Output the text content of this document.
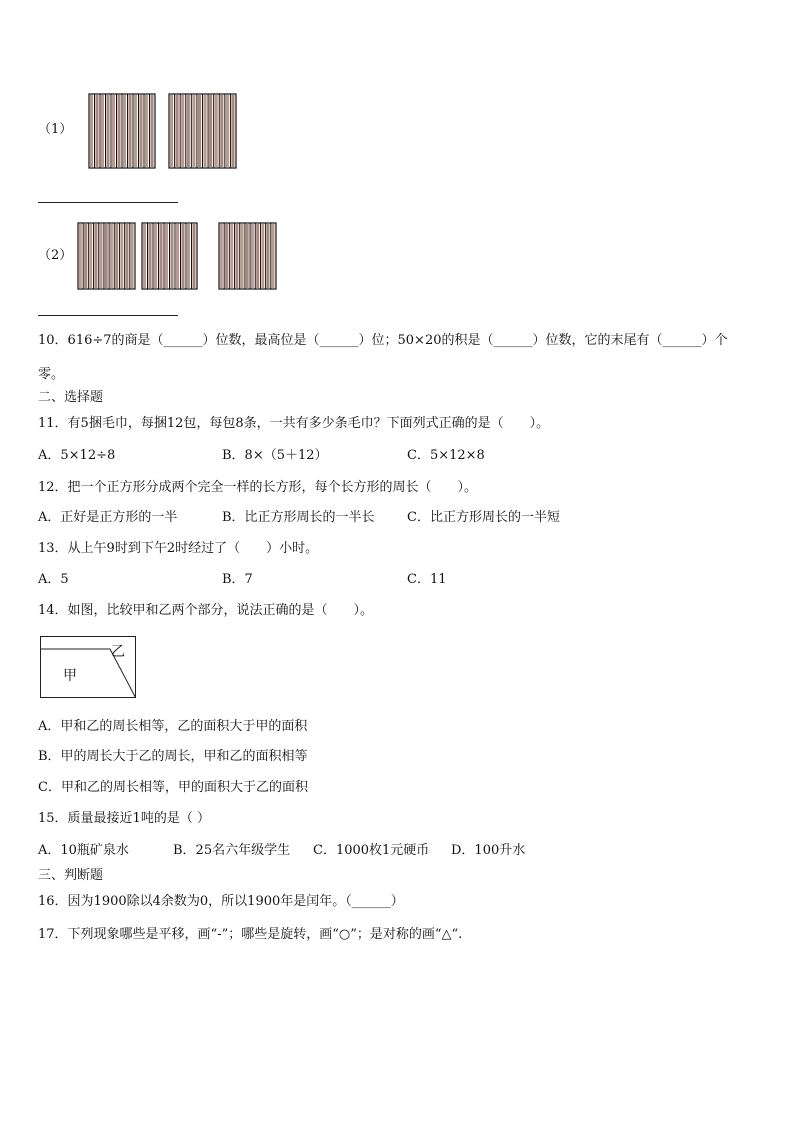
（1）
（2）
10．616÷7的商是（______）位数，最高位是（______）位；50×20的积是（______）位数，它的末尾有（______）个
零。
二、选择题
11．有5捆毛巾，每捆12包，每包8条，一共有多少条毛巾？下面列式正确的是（　　）。
A．5×12÷8	B．8×（5＋12）	C．5×12×8
12．把一个正方形分成两个完全一样的长方形，每个长方形的周长（　　）。
A．正好是正方形的一半	B．比正方形周长的一半长 C．比正方形周长的一半短
13．从上午9时到下午2时经过了（　　）小时。
A．5	B．7	C．11
14．如图，比较甲和乙两个部分，说法正确的是（　　）。
乙
甲
A．甲和乙的周长相等，乙的面积大于甲的面积
B．甲的周长大于乙的周长，甲和乙的面积相等
C．甲和乙的周长相等，甲的面积大于乙的面积
15．质量最接近1吨的是（ ）
A．10瓶矿泉水	B．25名六年级学生 C．1000枚1元硬币 D．100升水
三、判断题
16．因为1900除以4余数为0，所以1900年是闰年。（______）
17．下列现象哪些是平移，画“-”；哪些是旋转，画“○”；是对称的画“△“.
